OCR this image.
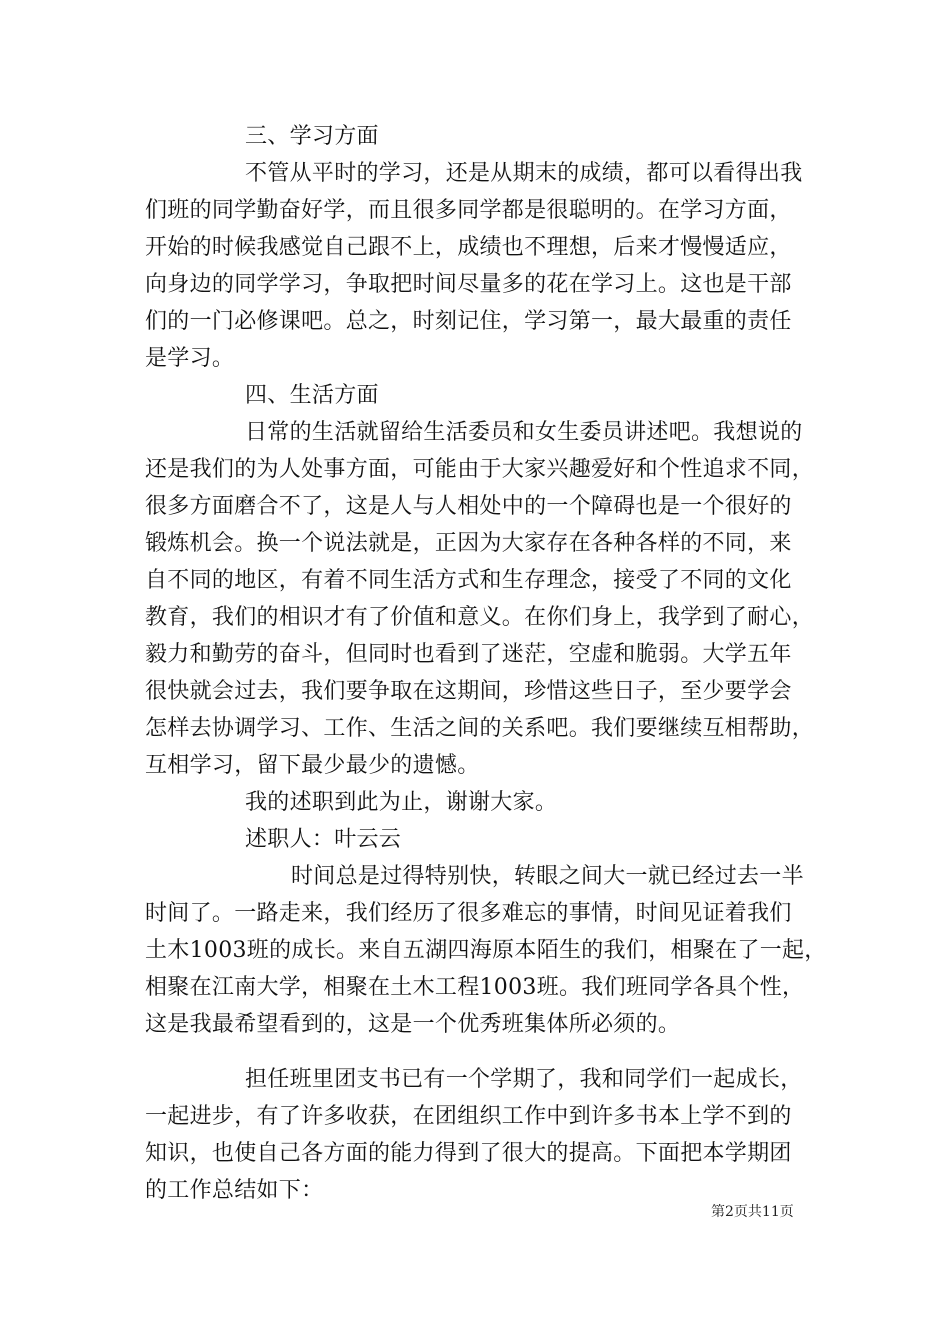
三、学习方面
不管从平时的学习，还是从期末的成绩，都可以看得出我
们班的同学勤奋好学，而且很多同学都是很聪明的。在学习方面，
开始的时候我感觉自己跟不上，成绩也不理想，后来才慢慢适应，
向身边的同学学习，争取把时间尽量多的花在学习上。这也是干部
们的一门必修课吧。总之，时刻记住，学习第一，最大最重的责任
是学习。
四、生活方面
日常的生活就留给生活委员和女生委员讲述吧。我想说的
还是我们的为人处事方面，可能由于大家兴趣爱好和个性追求不同，
很多方面磨合不了，这是人与人相处中的一个障碍也是一个很好的
锻炼机会。换一个说法就是，正因为大家存在各种各样的不同，来
自不同的地区，有着不同生活方式和生存理念，接受了不同的文化
教育，我们的相识才有了价值和意义。在你们身上，我学到了耐心，
毅力和勤劳的奋斗，但同时也看到了迷茫，空虚和脆弱。大学五年
很快就会过去，我们要争取在这期间，珍惜这些日子，至少要学会
怎样去协调学习、工作、生活之间的关系吧。我们要继续互相帮助，
互相学习，留下最少最少的遗憾。
我的述职到此为止，谢谢大家。
述职人：叶云云
时间总是过得特别快，转眼之间大一就已经过去一半
时间了。一路走来，我们经历了很多难忘的事情，时间见证着我们
土木1003班的成长。来自五湖四海原本陌生的我们，相聚在了一起，
相聚在江南大学，相聚在土木工程1003班。我们班同学各具个性，
这是我最希望看到的，这是一个优秀班集体所必须的。
担任班里团支书已有一个学期了，我和同学们一起成长，
一起进步，有了许多收获，在团组织工作中到许多书本上学不到的
知识，也使自己各方面的能力得到了很大的提高。下面把本学期团
的工作总结如下：
第2页共11页
